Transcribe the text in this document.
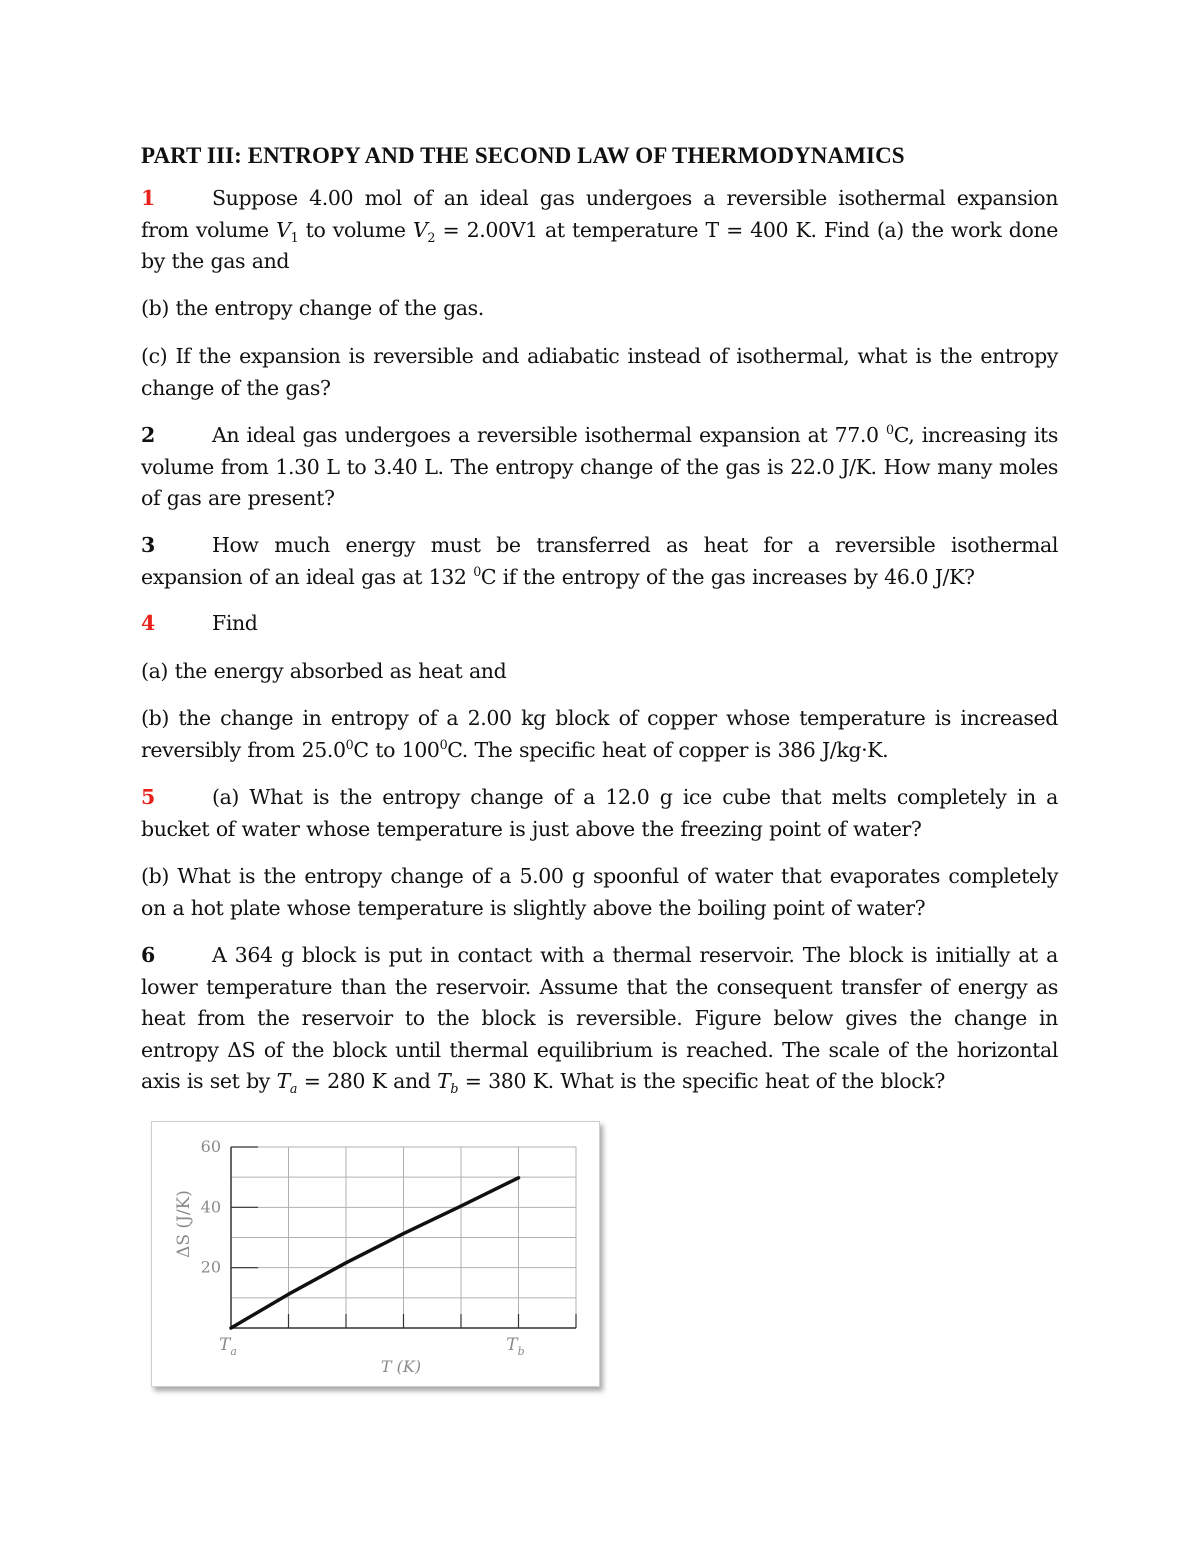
PART III: ENTROPY AND THE SECOND LAW OF THERMODYNAMICS
1	Suppose 4.00 mol of an ideal gas undergoes a reversible isothermal expansion from volume $V_1$ to volume $V_2 = 2.00V1$ at temperature T = 400 K. Find (a) the work done by the gas and
(b) the entropy change of the gas.
(c) If the expansion is reversible and adiabatic instead of isothermal, what is the entropy change of the gas?
2	An ideal gas undergoes a reversible isothermal expansion at 77.0 $^0$C, increasing its volume from 1.30 L to 3.40 L. The entropy change of the gas is 22.0 J/K. How many moles of gas are present?
3	How much energy must be transferred as heat for a reversible isothermal expansion of an ideal gas at 132 $^0$C if the entropy of the gas increases by 46.0 J/K?
4	Find
(a) the energy absorbed as heat and
(b) the change in entropy of a 2.00 kg block of copper whose temperature is increased reversibly from 25.0$^0$C to $100^0C$. The specific heat of copper is 386 J/kg·K.
5	(a) What is the entropy change of a 12.0 g ice cube that melts completely in a bucket of water whose temperature is just above the freezing point of water?
(b) What is the entropy change of a 5.00 g spoonful of water that evaporates completely on a hot plate whose temperature is slightly above the boiling point of water?
6	A 364 g block is put in contact with a thermal reservoir. The block is initially at a lower temperature than the reservoir. Assume that the consequent transfer of energy as heat from the reservoir to the block is reversible. Figure below gives the change in entropy ΔS of the block until thermal equilibrium is reached. The scale of the horizontal axis is set by $T_a = 280$ K and $T_b = 380$ K. What is the specific heat of the block?
60
40
20
$T_a$	$T_b$
ΔS (J/K)
T (K)
